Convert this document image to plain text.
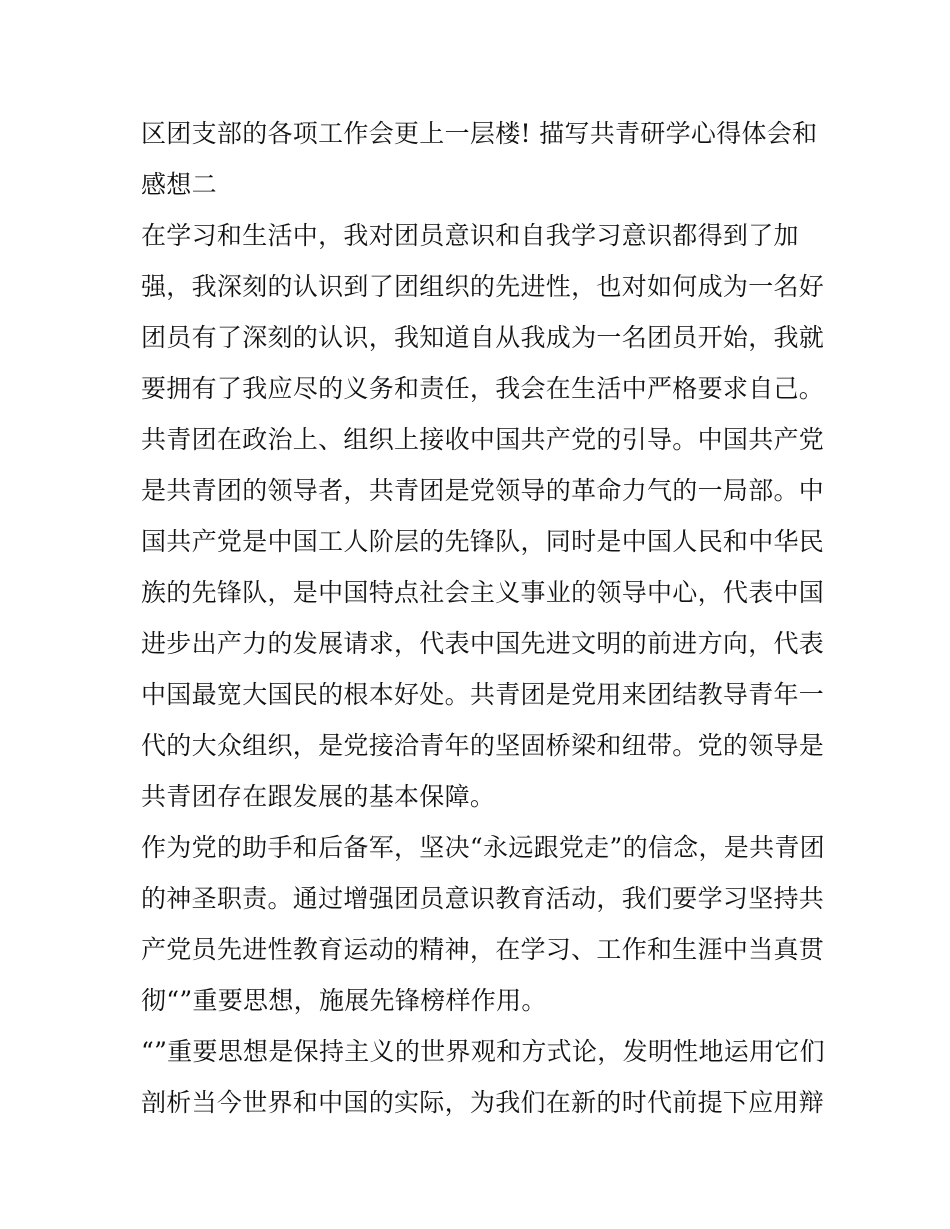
区团支部的各项工作会更上一层楼! 描写共青研学心得体会和
感想二
在学习和生活中，我对团员意识和自我学习意识都得到了加
强，我深刻的认识到了团组织的先进性，也对如何成为一名好
团员有了深刻的认识，我知道自从我成为一名团员开始，我就
要拥有了我应尽的义务和责任，我会在生活中严格要求自己。
共青团在政治上、组织上接收中国共产党的引导。中国共产党
是共青团的领导者，共青团是党领导的革命力气的一局部。中
国共产党是中国工人阶层的先锋队，同时是中国人民和中华民
族的先锋队，是中国特点社会主义事业的领导中心，代表中国
进步出产力的发展请求，代表中国先进文明的前进方向，代表
中国最宽大国民的根本好处。共青团是党用来团结教导青年一
代的大众组织，是党接洽青年的坚固桥梁和纽带。党的领导是
共青团存在跟发展的基本保障。
作为党的助手和后备军，坚决“永远跟党走”的信念，是共青团
的神圣职责。通过增强团员意识教育活动，我们要学习坚持共
产党员先进性教育运动的精神，在学习、工作和生涯中当真贯
彻“”重要思想，施展先锋榜样作用。
“”重要思想是保持主义的世界观和方式论，发明性地运用它们
剖析当今世界和中国的实际，为我们在新的时代前提下应用辩
